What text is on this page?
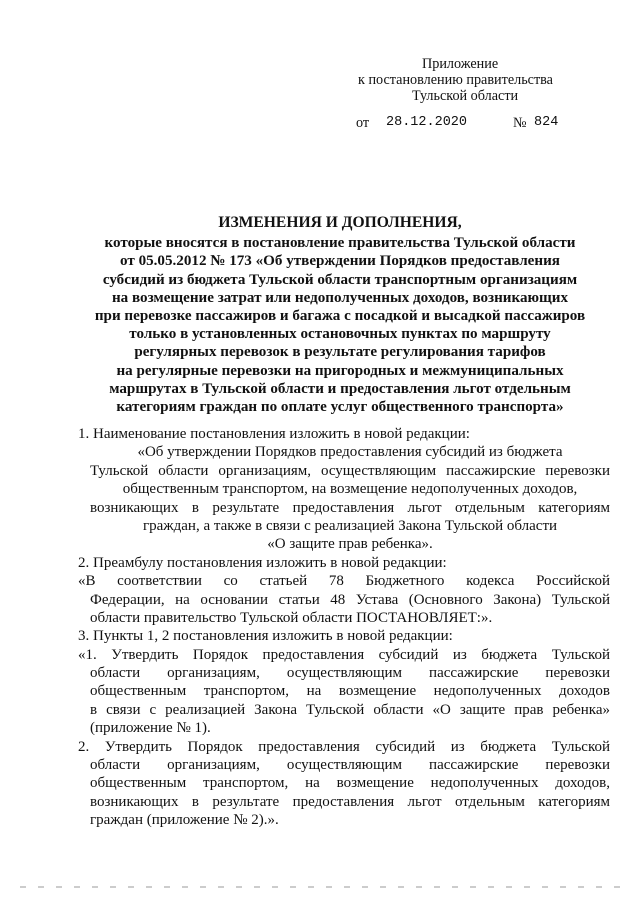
Приложение
к постановлению правительства
Тульской области
от 28.12.2020	№ 824
ИЗМЕНЕНИЯ И ДОПОЛНЕНИЯ,
которые вносятся в постановление правительства Тульской области
от 05.05.2012 № 173 «Об утверждении Порядков предоставления
субсидий из бюджета Тульской области транспортным организациям
на возмещение затрат или недополученных доходов, возникающих
при перевозке пассажиров и багажа с посадкой и высадкой пассажиров
только в установленных остановочных пунктах по маршруту
регулярных перевозок в результате регулирования тарифов
на регулярные перевозки на пригородных и межмуниципальных
маршрутах в Тульской области и предоставления льгот отдельным
категориям граждан по оплате услуг общественного транспорта»
1. Наименование постановления изложить в новой редакции:
«Об утверждении Порядков предоставления субсидий из бюджета
Тульской области организациям, осуществляющим пассажирские перевозки
общественным транспортом, на возмещение недополученных доходов,
возникающих в результате предоставления льгот отдельным категориям
граждан, а также в связи с реализацией Закона Тульской области
«О защите прав ребенка».
2. Преамбулу постановления изложить в новой редакции:
«В соответствии со статьей 78 Бюджетного кодекса Российской
Федерации, на основании статьи 48 Устава (Основного Закона) Тульской
области правительство Тульской области ПОСТАНОВЛЯЕТ:».
3. Пункты 1, 2 постановления изложить в новой редакции:
«1. Утвердить Порядок предоставления субсидий из бюджета Тульской
области организациям, осуществляющим пассажирские перевозки
общественным транспортом, на возмещение недополученных доходов
в связи с реализацией Закона Тульской области «О защите прав ребенка»
(приложение № 1).
2. Утвердить Порядок предоставления субсидий из бюджета Тульской
области организациям, осуществляющим пассажирские перевозки
общественным транспортом, на возмещение недополученных доходов,
возникающих в результате предоставления льгот отдельным категориям
граждан (приложение № 2).».
